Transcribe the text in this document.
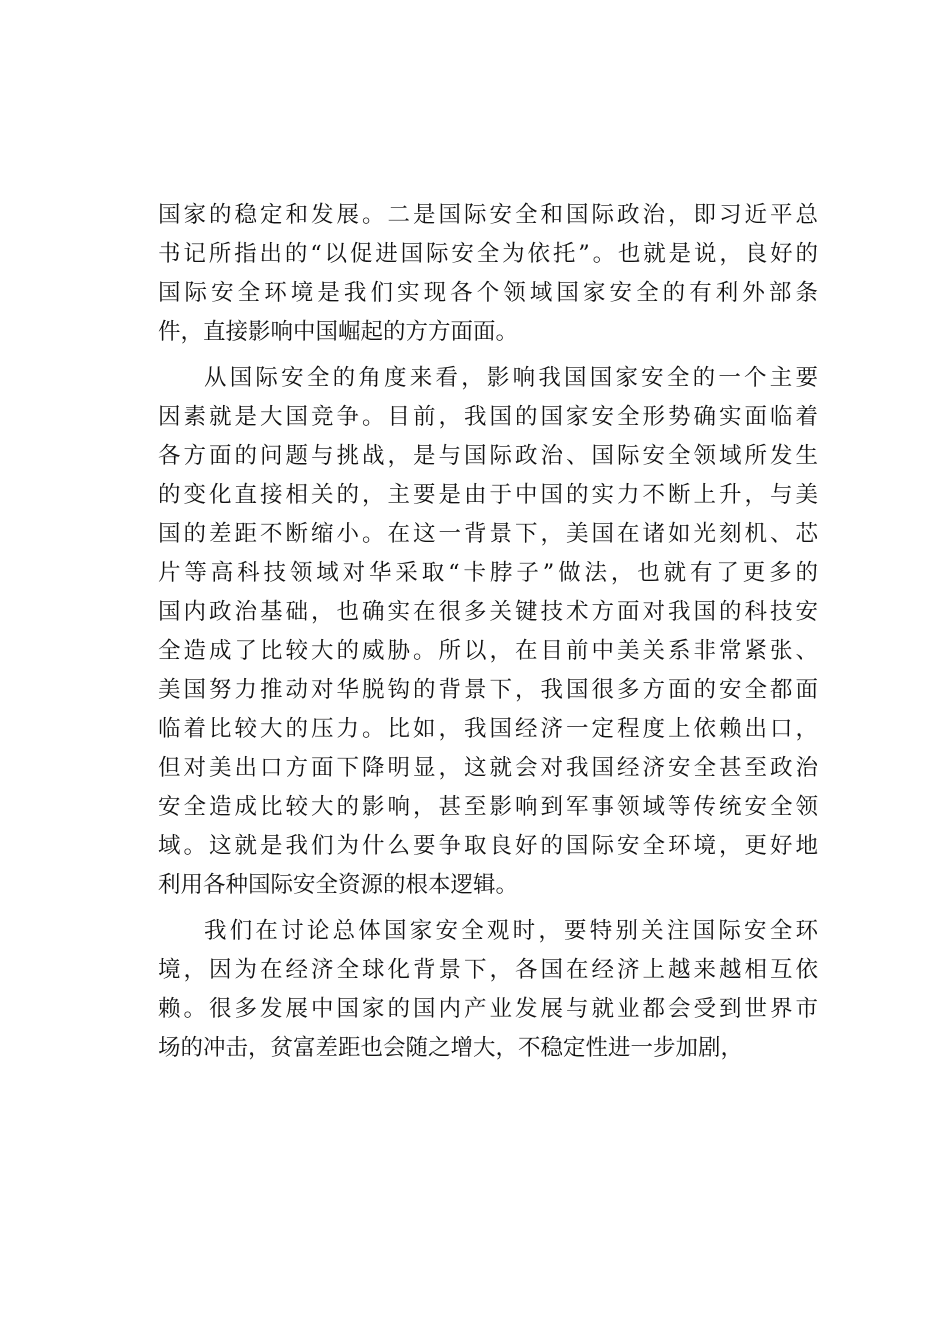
国家的稳定和发展。二是国际安全和国际政治，即习近平总
书记所指出的“以促进国际安全为依托”。也就是说，良好的
国际安全环境是我们实现各个领域国家安全的有利外部条
件，直接影响中国崛起的方方面面。
从国际安全的角度来看，影响我国国家安全的一个主要
因素就是大国竞争。目前，我国的国家安全形势确实面临着
各方面的问题与挑战，是与国际政治、国际安全领域所发生
的变化直接相关的，主要是由于中国的实力不断上升，与美
国的差距不断缩小。在这一背景下，美国在诸如光刻机、芯
片等高科技领域对华采取“卡脖子”做法，也就有了更多的
国内政治基础，也确实在很多关键技术方面对我国的科技安
全造成了比较大的威胁。所以，在目前中美关系非常紧张、
美国努力推动对华脱钩的背景下，我国很多方面的安全都面
临着比较大的压力。比如，我国经济一定程度上依赖出口，
但对美出口方面下降明显，这就会对我国经济安全甚至政治
安全造成比较大的影响，甚至影响到军事领域等传统安全领
域。这就是我们为什么要争取良好的国际安全环境，更好地
利用各种国际安全资源的根本逻辑。
我们在讨论总体国家安全观时，要特别关注国际安全环
境，因为在经济全球化背景下，各国在经济上越来越相互依
赖。很多发展中国家的国内产业发展与就业都会受到世界市
场的冲击，贫富差距也会随之增大，不稳定性进一步加剧，
